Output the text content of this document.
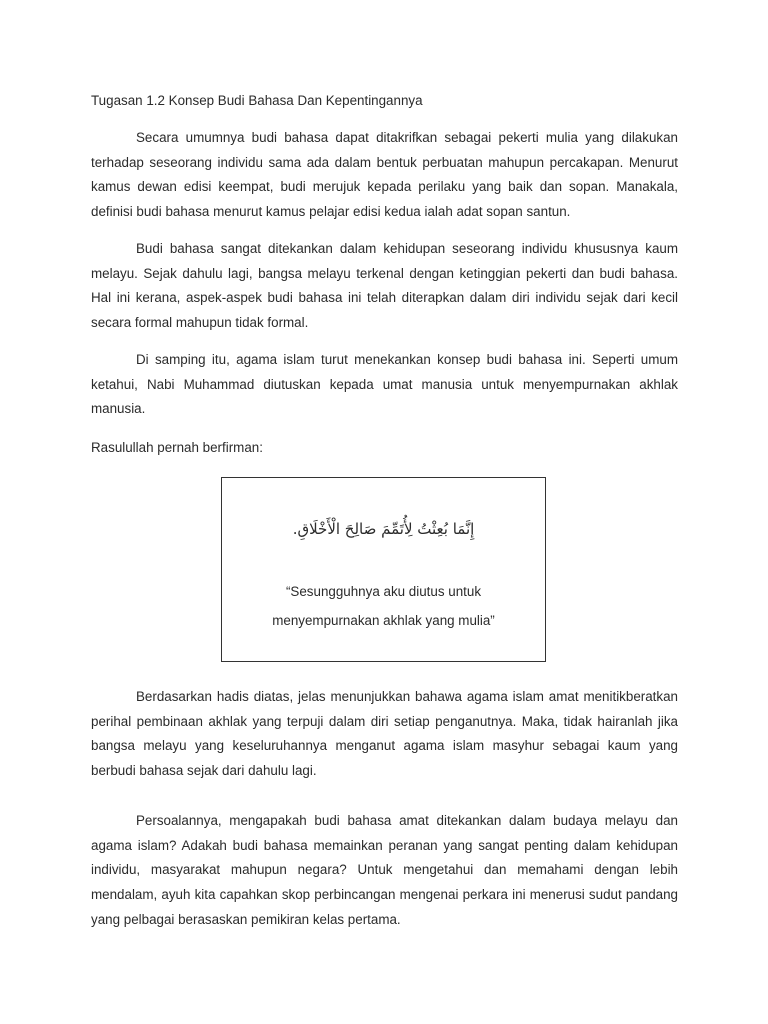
Tugasan 1.2 Konsep Budi Bahasa Dan Kepentingannya

Secara umumnya budi bahasa dapat ditakrifkan sebagai pekerti mulia yang dilakukan terhadap seseorang individu sama ada dalam bentuk perbuatan mahupun percakapan. Menurut kamus dewan edisi keempat, budi merujuk kepada perilaku yang baik dan sopan. Manakala, definisi budi bahasa menurut kamus pelajar edisi kedua ialah adat sopan santun.

Budi bahasa sangat ditekankan dalam kehidupan seseorang individu khususnya kaum melayu. Sejak dahulu lagi, bangsa melayu terkenal dengan ketinggian pekerti dan budi bahasa. Hal ini kerana, aspek-aspek budi bahasa ini telah diterapkan dalam diri individu sejak dari kecil secara formal mahupun tidak formal.

Di samping itu, agama islam turut menekankan konsep budi bahasa ini. Seperti umum ketahui, Nabi Muhammad diutuskan kepada umat manusia untuk menyempurnakan akhlak manusia.

Rasulullah pernah berfirman:
إِنَّمَا بُعِثْتُ لِأُتَمِّمَ صَالِحَ الْأَخْلَاقِ.
“Sesungguhnya aku diutus untuk
menyempurnakan akhlak yang mulia”

Berdasarkan hadis diatas, jelas menunjukkan bahawa agama islam amat menitikberatkan perihal pembinaan akhlak yang terpuji dalam diri setiap penganutnya. Maka, tidak hairanlah jika bangsa melayu yang keseluruhannya menganut agama islam masyhur sebagai kaum yang berbudi bahasa sejak dari dahulu lagi.

Persoalannya, mengapakah budi bahasa amat ditekankan dalam budaya melayu dan agama islam? Adakah budi bahasa memainkan peranan yang sangat penting dalam kehidupan individu, masyarakat mahupun negara? Untuk mengetahui dan memahami dengan lebih mendalam, ayuh kita capahkan skop perbincangan mengenai perkara ini menerusi sudut pandang yang pelbagai berasaskan pemikiran kelas pertama.
